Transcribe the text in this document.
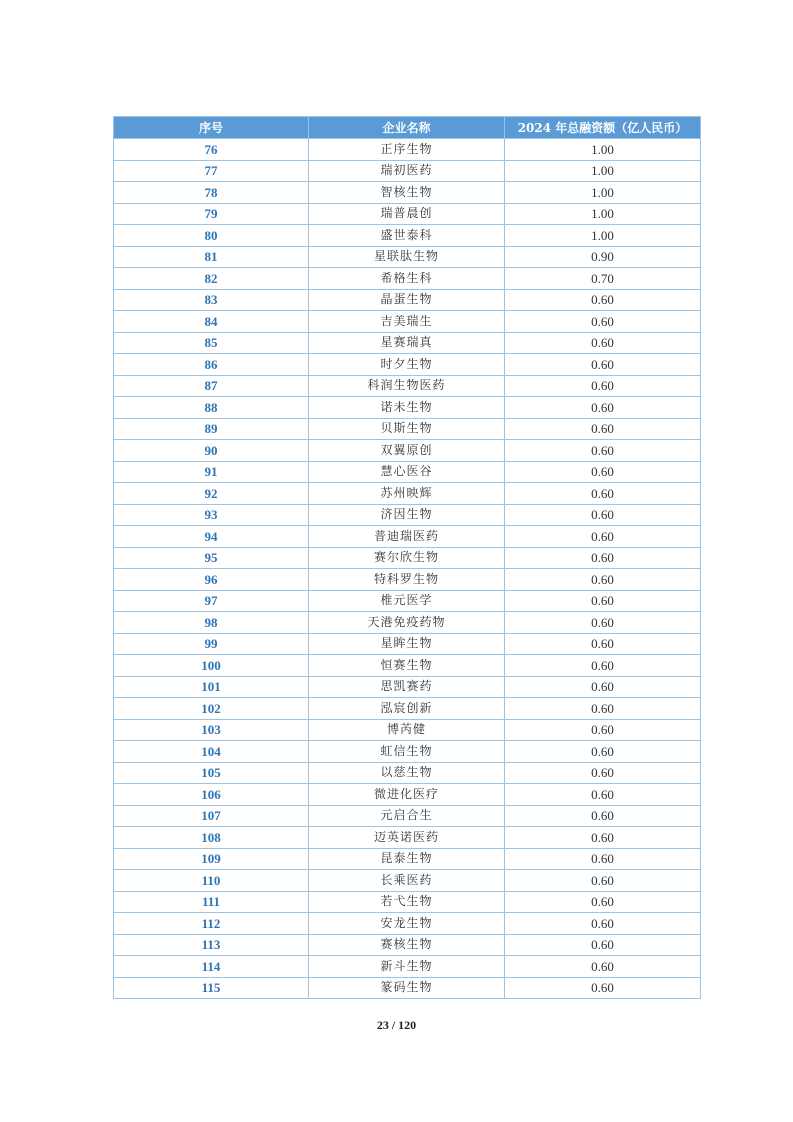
序号	企业名称	2024 年总融资额（亿人民币）
76	正序生物	1.00
77	瑞初医药	1.00
78	智核生物	1.00
79	瑞普晨创	1.00
80	盛世泰科	1.00
81	星联肽生物	0.90
82	希格生科	0.70
83	晶蛋生物	0.60
84	吉美瑞生	0.60
85	星赛瑞真	0.60
86	时夕生物	0.60
87	科润生物医药	0.60
88	诺未生物	0.60
89	贝斯生物	0.60
90	双翼原创	0.60
91	慧心医谷	0.60
92	苏州映辉	0.60
93	济因生物	0.60
94	普迪瑞医药	0.60
95	赛尔欣生物	0.60
96	特科罗生物	0.60
97	椎元医学	0.60
98	天港免疫药物	0.60
99	星眸生物	0.60
100	恒赛生物	0.60
101	思凯赛药	0.60
102	泓宸创新	0.60
103	博芮健	0.60
104	虹信生物	0.60
105	以慈生物	0.60
106	微进化医疗	0.60
107	元启合生	0.60
108	迈英诺医药	0.60
109	昆泰生物	0.60
110	长乘医药	0.60
111	若弋生物	0.60
112	安龙生物	0.60
113	赛核生物	0.60
114	新斗生物	0.60
115	篆码生物	0.60
23 / 120
